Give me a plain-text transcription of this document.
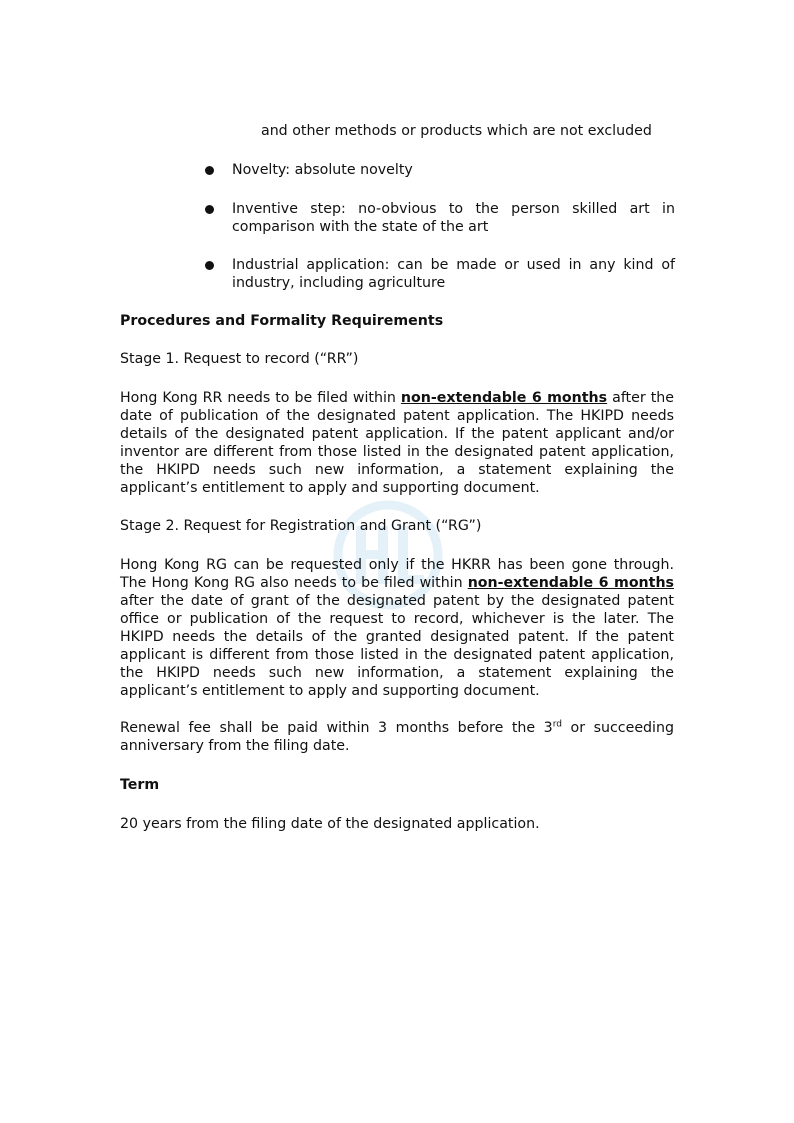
and other methods or products which are not excluded
Novelty: absolute novelty
Inventive step: no-obvious to the person skilled art in comparison with the state of the art
Industrial application: can be made or used in any kind of industry, including agriculture
Procedures and Formality Requirements
Stage 1. Request to record (“RR”)
Hong Kong RR needs to be filed within non-extendable 6 months after the date of publication of the designated patent application. The HKIPD needs details of the designated patent application. If the patent applicant and/or inventor are different from those listed in the designated patent application, the HKIPD needs such new information, a statement explaining the applicant’s entitlement to apply and supporting document.
Stage 2. Request for Registration and Grant (“RG”)
Hong Kong RG can be requested only if the HKRR has been gone through. The Hong Kong RG also needs to be filed within non-extendable 6 months after the date of grant of the designated patent by the designated patent office or publication of the request to record, whichever is the later. The HKIPD needs the details of the granted designated patent. If the patent applicant is different from those listed in the designated patent application, the HKIPD needs such new information, a statement explaining the applicant’s entitlement to apply and supporting document.
Renewal fee shall be paid within 3 months before the 3rd or succeeding anniversary from the filing date.
Term
20 years from the filing date of the designated application.
